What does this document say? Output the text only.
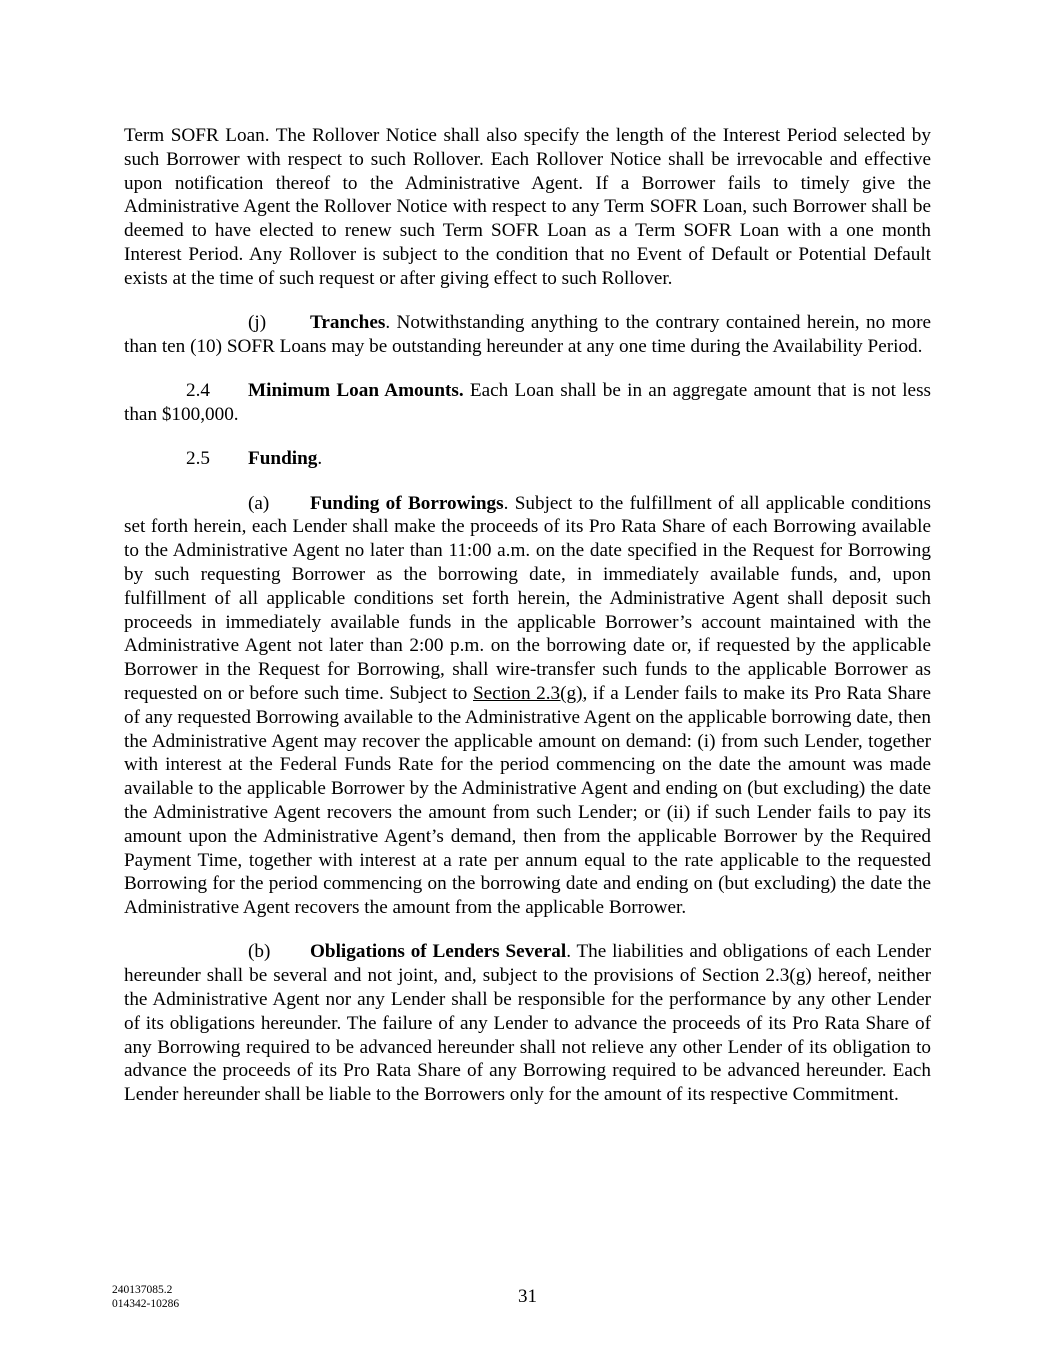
Term SOFR Loan. The Rollover Notice shall also specify the length of the Interest Period selected by such Borrower with respect to such Rollover. Each Rollover Notice shall be irrevocable and effective upon notification thereof to the Administrative Agent. If a Borrower fails to timely give the Administrative Agent the Rollover Notice with respect to any Term SOFR Loan, such Borrower shall be deemed to have elected to renew such Term SOFR Loan as a Term SOFR Loan with a one month Interest Period. Any Rollover is subject to the condition that no Event of Default or Potential Default exists at the time of such request or after giving effect to such Rollover.

(j) Tranches. Notwithstanding anything to the contrary contained herein, no more than ten (10) SOFR Loans may be outstanding hereunder at any one time during the Availability Period.

2.4 Minimum Loan Amounts. Each Loan shall be in an aggregate amount that is not less than $100,000.

2.5 Funding.

(a) Funding of Borrowings. Subject to the fulfillment of all applicable conditions set forth herein, each Lender shall make the proceeds of its Pro Rata Share of each Borrowing available to the Administrative Agent no later than 11:00 a.m. on the date specified in the Request for Borrowing by such requesting Borrower as the borrowing date, in immediately available funds, and, upon fulfillment of all applicable conditions set forth herein, the Administrative Agent shall deposit such proceeds in immediately available funds in the applicable Borrower’s account maintained with the Administrative Agent not later than 2:00 p.m. on the borrowing date or, if requested by the applicable Borrower in the Request for Borrowing, shall wire-transfer such funds to the applicable Borrower as requested on or before such time. Subject to Section 2.3(g), if a Lender fails to make its Pro Rata Share of any requested Borrowing available to the Administrative Agent on the applicable borrowing date, then the Administrative Agent may recover the applicable amount on demand: (i) from such Lender, together with interest at the Federal Funds Rate for the period commencing on the date the amount was made available to the applicable Borrower by the Administrative Agent and ending on (but excluding) the date the Administrative Agent recovers the amount from such Lender; or (ii) if such Lender fails to pay its amount upon the Administrative Agent’s demand, then from the applicable Borrower by the Required Payment Time, together with interest at a rate per annum equal to the rate applicable to the requested Borrowing for the period commencing on the borrowing date and ending on (but excluding) the date the Administrative Agent recovers the amount from the applicable Borrower.

(b) Obligations of Lenders Several. The liabilities and obligations of each Lender hereunder shall be several and not joint, and, subject to the provisions of Section 2.3(g) hereof, neither the Administrative Agent nor any Lender shall be responsible for the performance by any other Lender of its obligations hereunder. The failure of any Lender to advance the proceeds of its Pro Rata Share of any Borrowing required to be advanced hereunder shall not relieve any other Lender of its obligation to advance the proceeds of its Pro Rata Share of any Borrowing required to be advanced hereunder. Each Lender hereunder shall be liable to the Borrowers only for the amount of its respective Commitment.

240137085.2
014342-10286	31
